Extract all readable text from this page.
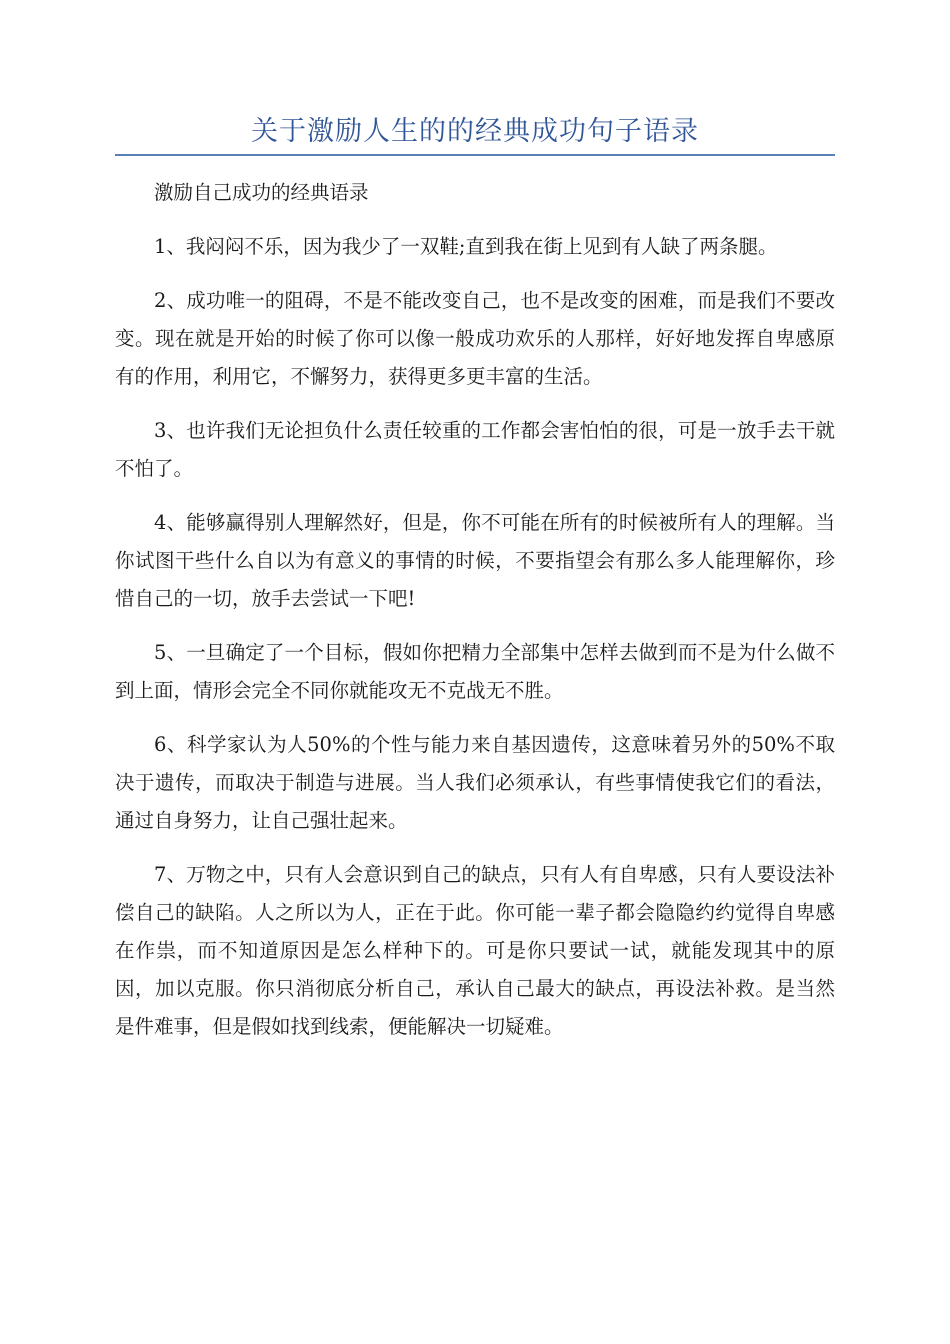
关于激励人生的的经典成功句子语录

激励自己成功的经典语录

1、我闷闷不乐，因为我少了一双鞋;直到我在街上见到有人缺了两条腿。

2、成功唯一的阻碍，不是不能改变自己，也不是改变的困难，而是我们不要改变。现在就是开始的时候了你可以像一般成功欢乐的人那样，好好地发挥自卑感原有的作用，利用它，不懈努力，获得更多更丰富的生活。

3、也许我们无论担负什么责任较重的工作都会害怕怕的很，可是一放手去干就不怕了。

4、能够赢得别人理解然好，但是，你不可能在所有的时候被所有人的理解。当你试图干些什么自以为有意义的事情的时候，不要指望会有那么多人能理解你，珍惜自己的一切，放手去尝试一下吧!

5、一旦确定了一个目标，假如你把精力全部集中怎样去做到而不是为什么做不到上面，情形会完全不同你就能攻无不克战无不胜。

6、科学家认为人50%的个性与能力来自基因遗传，这意味着另外的50%不取决于遗传，而取决于制造与进展。当人我们必须承认，有些事情使我它们的看法，通过自身努力，让自己强壮起来。

7、万物之中，只有人会意识到自己的缺点，只有人有自卑感，只有人要设法补偿自己的缺陷。人之所以为人，正在于此。你可能一辈子都会隐隐约约觉得自卑感在作祟，而不知道原因是怎么样种下的。可是你只要试一试，就能发现其中的原因，加以克服。你只消彻底分析自己，承认自己最大的缺点，再设法补救。是当然是件难事，但是假如找到线索，便能解决一切疑难。
